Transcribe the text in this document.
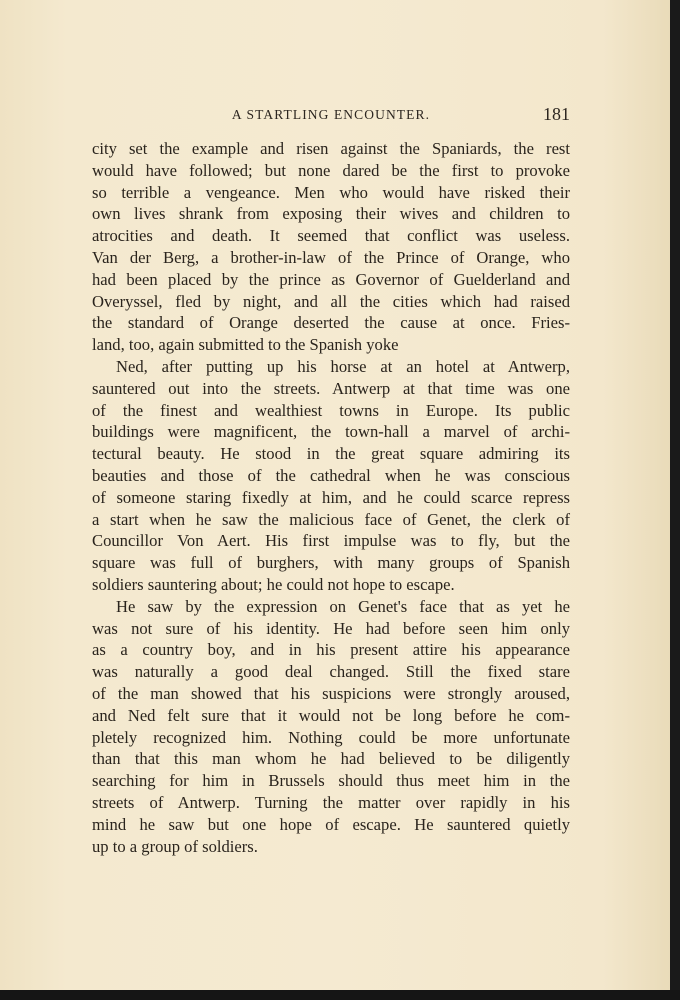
A STARTLING ENCOUNTER.	181

city set the example and risen against the Spaniards, the rest

would have followed; but none dared be the first to provoke

so terrible a vengeance. Men who would have risked their

own lives shrank from exposing their wives and children to

atrocities and death. It seemed that conflict was useless.

Van der Berg, a brother-in-law of the Prince of Orange, who

had been placed by the prince as Governor of Guelderland and

Overyssel, fled by night, and all the cities which had raised

the standard of Orange deserted the cause at once. Fries-

land, too, again submitted to the Spanish yoke

Ned, after putting up his horse at an hotel at Antwerp,

sauntered out into the streets. Antwerp at that time was one

of the finest and wealthiest towns in Europe. Its public

buildings were magnificent, the town-hall a marvel of archi-

tectural beauty. He stood in the great square admiring its

beauties and those of the cathedral when he was conscious

of someone staring fixedly at him, and he could scarce repress

a start when he saw the malicious face of Genet, the clerk of

Councillor Von Aert. His first impulse was to fly, but the

square was full of burghers, with many groups of Spanish

soldiers sauntering about; he could not hope to escape.

He saw by the expression on Genet's face that as yet he

was not sure of his identity. He had before seen him only

as a country boy, and in his present attire his appearance

was naturally a good deal changed. Still the fixed stare

of the man showed that his suspicions were strongly aroused,

and Ned felt sure that it would not be long before he com-

pletely recognized him. Nothing could be more unfortunate

than that this man whom he had believed to be diligently

searching for him in Brussels should thus meet him in the

streets of Antwerp. Turning the matter over rapidly in his

mind he saw but one hope of escape. He sauntered quietly

up to a group of soldiers.
